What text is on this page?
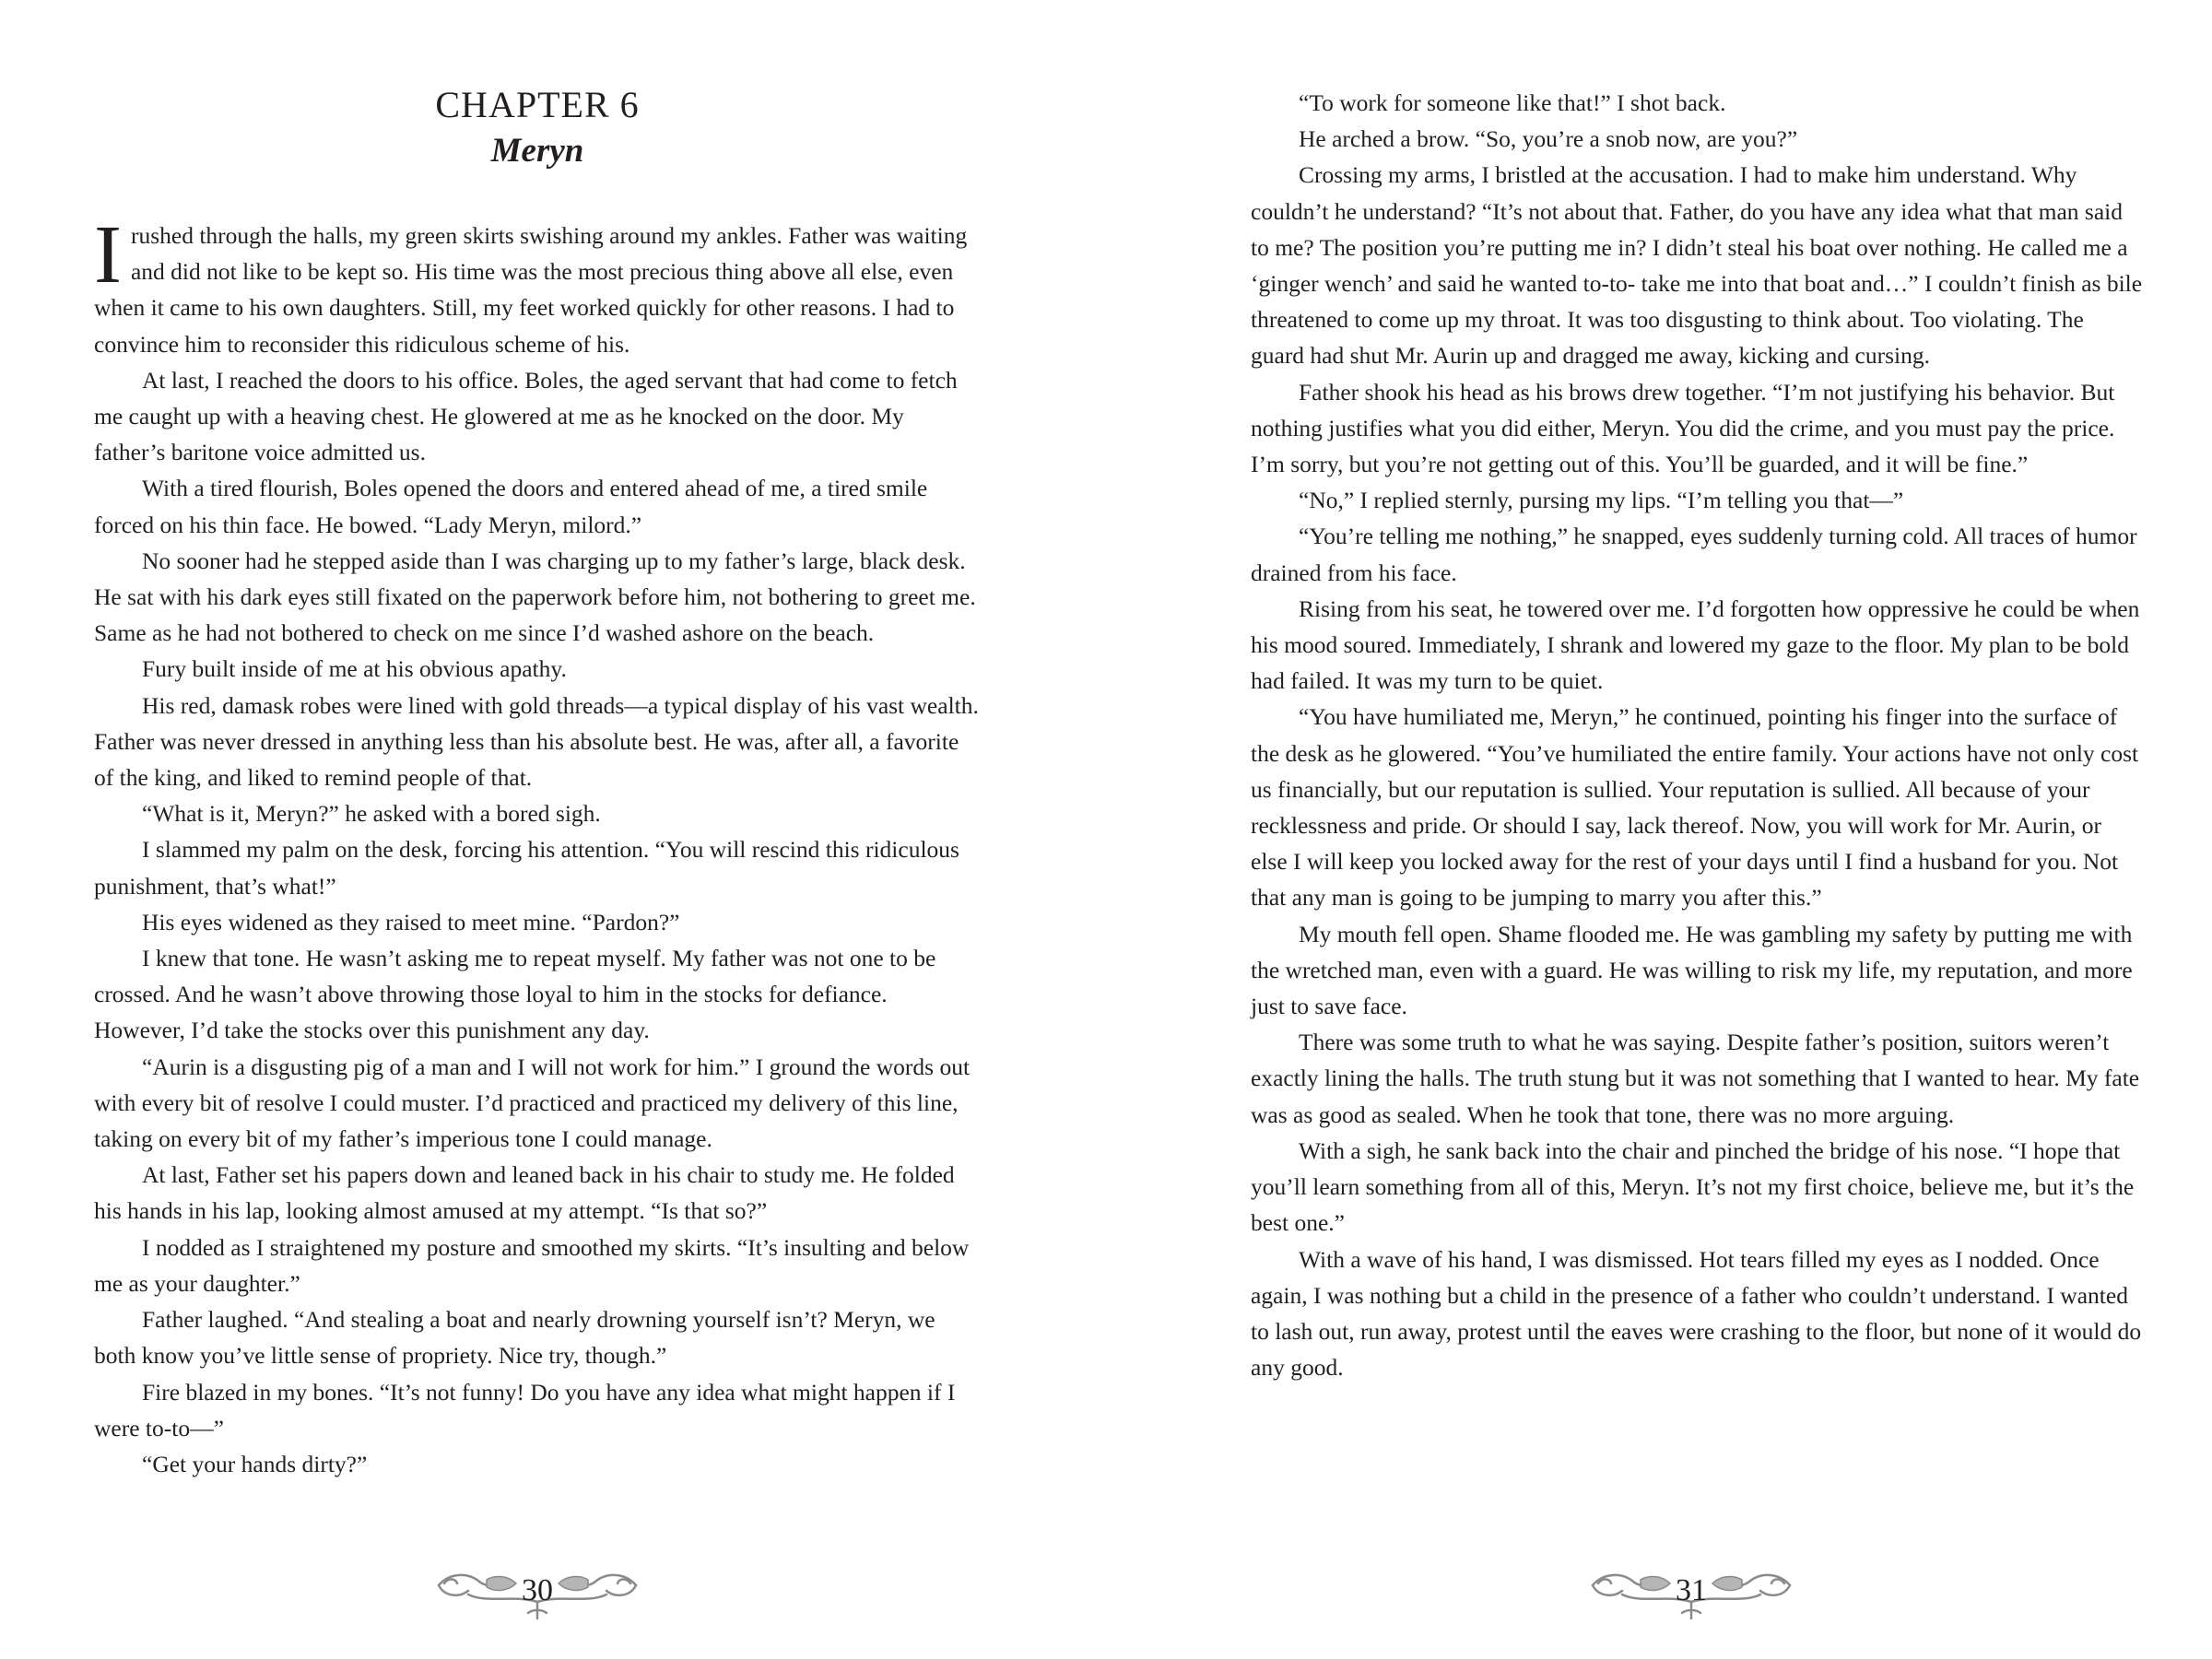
CHAPTER 6
Meryn

I rushed through the halls, my green skirts swishing around my ankles. Father was waiting and did not like to be kept so. His time was the most precious thing above all else, even when it came to his own daughters. Still, my feet worked quickly for other reasons. I had to convince him to reconsider this ridiculous scheme of his.

At last, I reached the doors to his office. Boles, the aged servant that had come to fetch me caught up with a heaving chest. He glowered at me as he knocked on the door. My father’s baritone voice admitted us.

With a tired flourish, Boles opened the doors and entered ahead of me, a tired smile forced on his thin face. He bowed. “Lady Meryn, milord.”

No sooner had he stepped aside than I was charging up to my father’s large, black desk. He sat with his dark eyes still fixated on the paperwork before him, not bothering to greet me. Same as he had not bothered to check on me since I’d washed ashore on the beach.

Fury built inside of me at his obvious apathy.

His red, damask robes were lined with gold threads—a typical display of his vast wealth. Father was never dressed in anything less than his absolute best. He was, after all, a favorite of the king, and liked to remind people of that.

“What is it, Meryn?” he asked with a bored sigh.

I slammed my palm on the desk, forcing his attention. “You will rescind this ridiculous punishment, that’s what!”

His eyes widened as they raised to meet mine. “Pardon?”

I knew that tone. He wasn’t asking me to repeat myself. My father was not one to be crossed. And he wasn’t above throwing those loyal to him in the stocks for defiance. However, I’d take the stocks over this punishment any day.

“Aurin is a disgusting pig of a man and I will not work for him.” I ground the words out with every bit of resolve I could muster. I’d practiced and practiced my delivery of this line, taking on every bit of my father’s imperious tone I could manage.

At last, Father set his papers down and leaned back in his chair to study me. He folded his hands in his lap, looking almost amused at my attempt. “Is that so?”

I nodded as I straightened my posture and smoothed my skirts. “It’s insulting and below me as your daughter.”

Father laughed. “And stealing a boat and nearly drowning yourself isn’t? Meryn, we both know you’ve little sense of propriety. Nice try, though.”

Fire blazed in my bones. “It’s not funny! Do you have any idea what might happen if I were to-to—”

“Get your hands dirty?”

30

“To work for someone like that!” I shot back.

He arched a brow. “So, you’re a snob now, are you?”

Crossing my arms, I bristled at the accusation. I had to make him understand. Why couldn’t he understand? “It’s not about that. Father, do you have any idea what that man said to me? The position you’re putting me in? I didn’t steal his boat over nothing. He called me a ‘ginger wench’ and said he wanted to-to- take me into that boat and…” I couldn’t finish as bile threatened to come up my throat. It was too disgusting to think about. Too violating. The guard had shut Mr. Aurin up and dragged me away, kicking and cursing.

Father shook his head as his brows drew together. “I’m not justifying his behavior. But nothing justifies what you did either, Meryn. You did the crime, and you must pay the price. I’m sorry, but you’re not getting out of this. You’ll be guarded, and it will be fine.”

“No,” I replied sternly, pursing my lips. “I’m telling you that—”

“You’re telling me nothing,” he snapped, eyes suddenly turning cold. All traces of humor drained from his face.

Rising from his seat, he towered over me. I’d forgotten how oppressive he could be when his mood soured. Immediately, I shrank and lowered my gaze to the floor. My plan to be bold had failed. It was my turn to be quiet.

“You have humiliated me, Meryn,” he continued, pointing his finger into the surface of the desk as he glowered. “You’ve humiliated the entire family. Your actions have not only cost us financially, but our reputation is sullied. Your reputation is sullied. All because of your recklessness and pride. Or should I say, lack thereof. Now, you will work for Mr. Aurin, or else I will keep you locked away for the rest of your days until I find a husband for you. Not that any man is going to be jumping to marry you after this.”

My mouth fell open. Shame flooded me. He was gambling my safety by putting me with the wretched man, even with a guard. He was willing to risk my life, my reputation, and more just to save face.

There was some truth to what he was saying. Despite father’s position, suitors weren’t exactly lining the halls. The truth stung but it was not something that I wanted to hear. My fate was as good as sealed. When he took that tone, there was no more arguing.

With a sigh, he sank back into the chair and pinched the bridge of his nose. “I hope that you’ll learn something from all of this, Meryn. It’s not my first choice, believe me, but it’s the best one.”

With a wave of his hand, I was dismissed. Hot tears filled my eyes as I nodded. Once again, I was nothing but a child in the presence of a father who couldn’t understand. I wanted to lash out, run away, protest until the eaves were crashing to the floor, but none of it would do any good.

31
